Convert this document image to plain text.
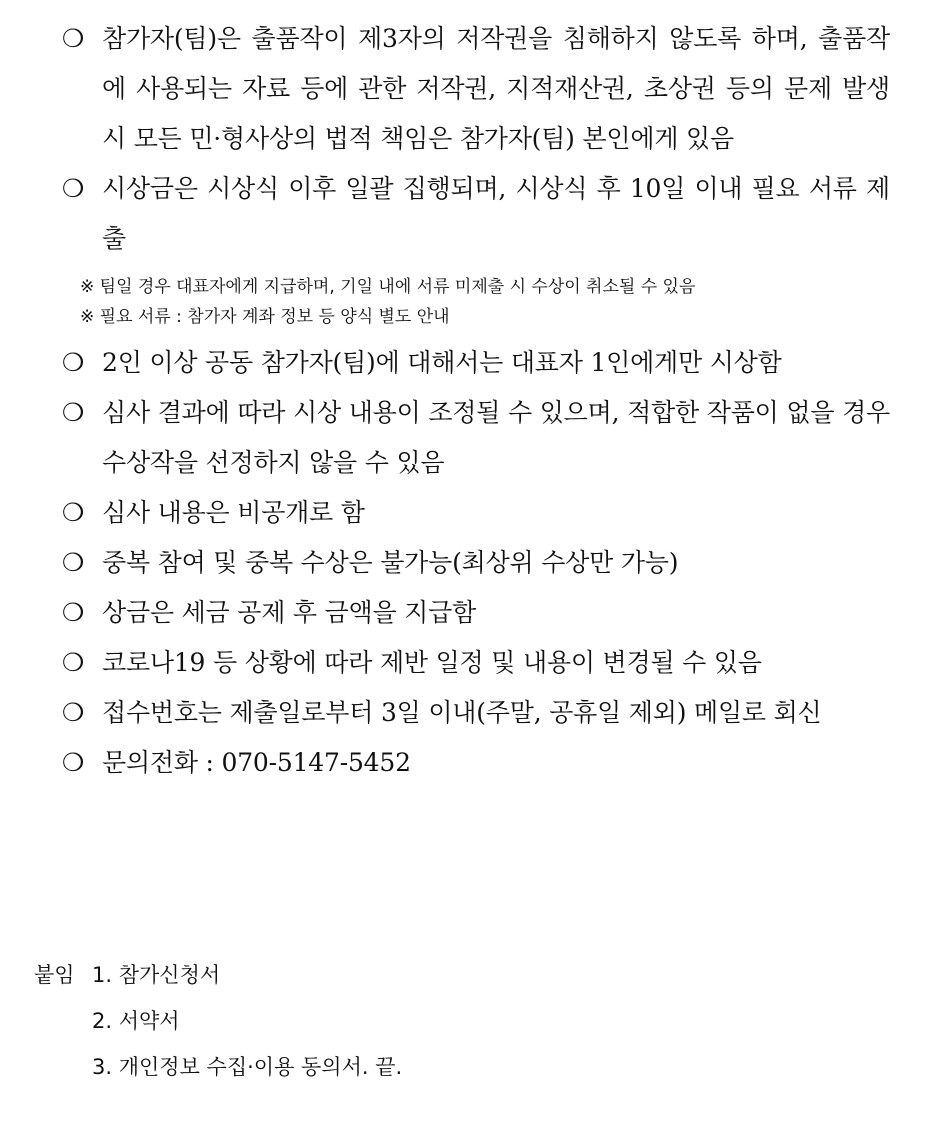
❍ 참가자(팀)은 출품작이 제3자의 저작권을 침해하지 않도록 하며, 출품작에 사용되는 자료 등에 관한 저작권, 지적재산권, 초상권 등의 문제 발생 시 모든 민·형사상의 법적 책임은 참가자(팀) 본인에게 있음
❍ 시상금은 시상식 이후 일괄 집행되며, 시상식 후 10일 이내 필요 서류 제출
※ 팀일 경우 대표자에게 지급하며, 기일 내에 서류 미제출 시 수상이 취소될 수 있음
※ 필요 서류 : 참가자 계좌 정보 등 양식 별도 안내
❍ 2인 이상 공동 참가자(팀)에 대해서는 대표자 1인에게만 시상함
❍ 심사 결과에 따라 시상 내용이 조정될 수 있으며, 적합한 작품이 없을 경우 수상작을 선정하지 않을 수 있음
❍ 심사 내용은 비공개로 함
❍ 중복 참여 및 중복 수상은 불가능(최상위 수상만 가능)
❍ 상금은 세금 공제 후 금액을 지급함
❍ 코로나19 등 상황에 따라 제반 일정 및 내용이 변경될 수 있음
❍ 접수번호는 제출일로부터 3일 이내(주말, 공휴일 제외) 메일로 회신
❍ 문의전화 : 070-5147-5452
붙임 1. 참가신청서
2. 서약서
3. 개인정보 수집·이용 동의서. 끝.
